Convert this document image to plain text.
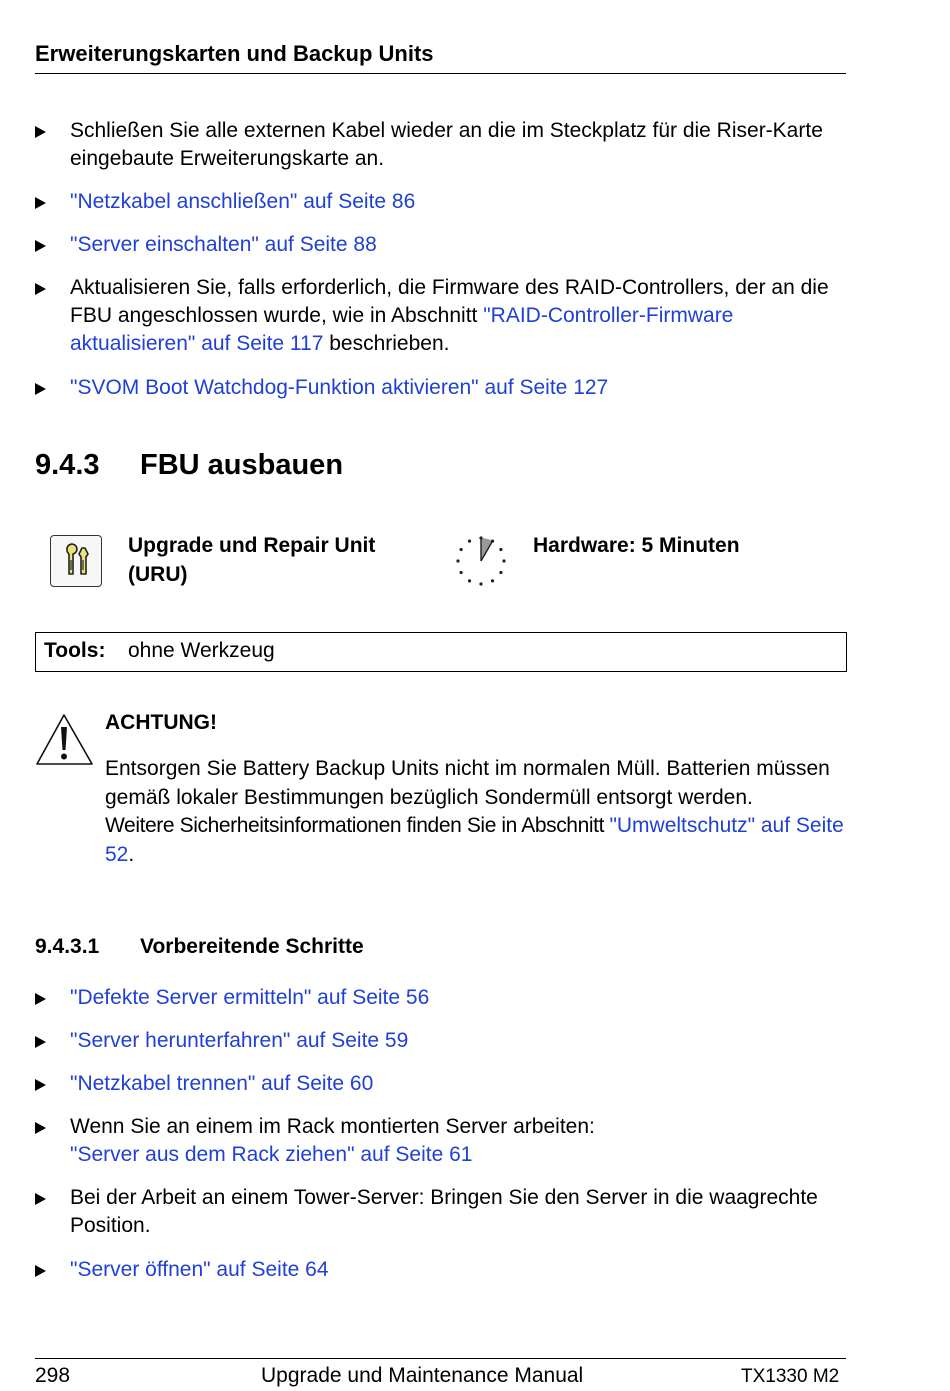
Erweiterungskarten und Backup Units
Schließen Sie alle externen Kabel wieder an die im Steckplatz für die Riser-Karte eingebaute Erweiterungskarte an.
"Netzkabel anschließen" auf Seite 86
"Server einschalten" auf Seite 88
Aktualisieren Sie, falls erforderlich, die Firmware des RAID-Controllers, der an die FBU angeschlossen wurde, wie in Abschnitt "RAID-Controller-Firmware aktualisieren" auf Seite 117 beschrieben.
"SVOM Boot Watchdog-Funktion aktivieren" auf Seite 127
9.4.3 FBU ausbauen
Upgrade und Repair Unit
(URU)
Hardware: 5 Minuten
Tools: ohne Werkzeug
ACHTUNG!
Entsorgen Sie Battery Backup Units nicht im normalen Müll. Batterien müssen gemäß lokaler Bestimmungen bezüglich Sondermüll entsorgt werden.
Weitere Sicherheitsinformationen finden Sie in Abschnitt "Umweltschutz" auf Seite 52.
9.4.3.1 Vorbereitende Schritte
"Defekte Server ermitteln" auf Seite 56
"Server herunterfahren" auf Seite 59
"Netzkabel trennen" auf Seite 60
Wenn Sie an einem im Rack montierten Server arbeiten:
"Server aus dem Rack ziehen" auf Seite 61
Bei der Arbeit an einem Tower-Server: Bringen Sie den Server in die waagrechte Position.
"Server öffnen" auf Seite 64
298	Upgrade und Maintenance Manual	TX1330 M2
